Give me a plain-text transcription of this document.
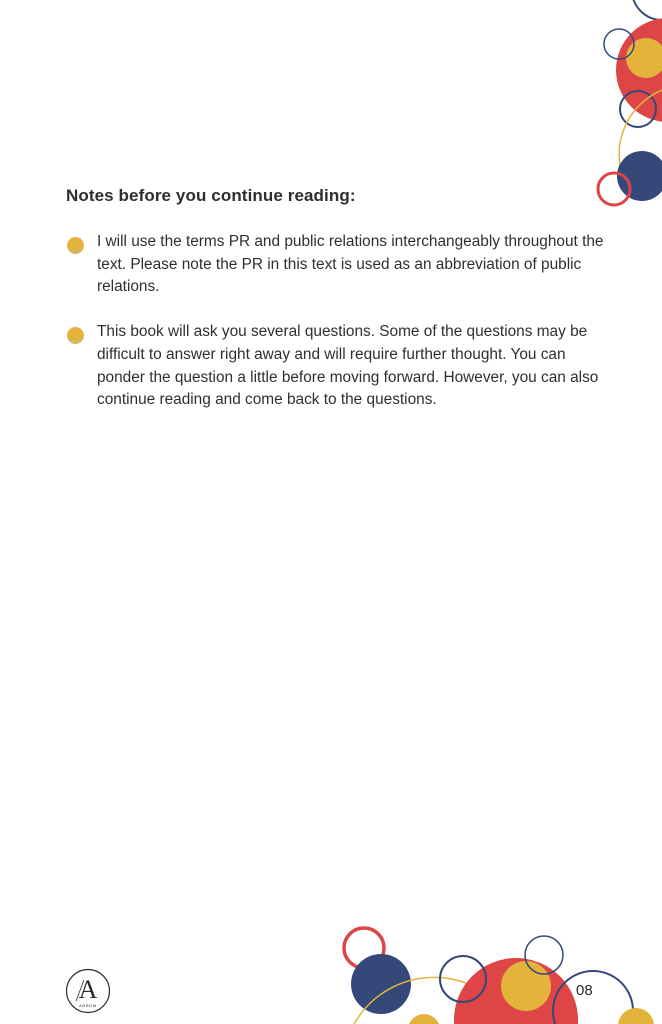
Notes before you continue reading:
I will use the terms PR and public relations interchangeably throughout the text. Please note the PR in this text is used as an abbreviation of public relations.
This book will ask you several questions. Some of the questions may be difficult to answer right away and will require further thought. You can ponder the question a little before moving forward. However, you can also continue reading and come back to the questions.
A
ABROM
08
